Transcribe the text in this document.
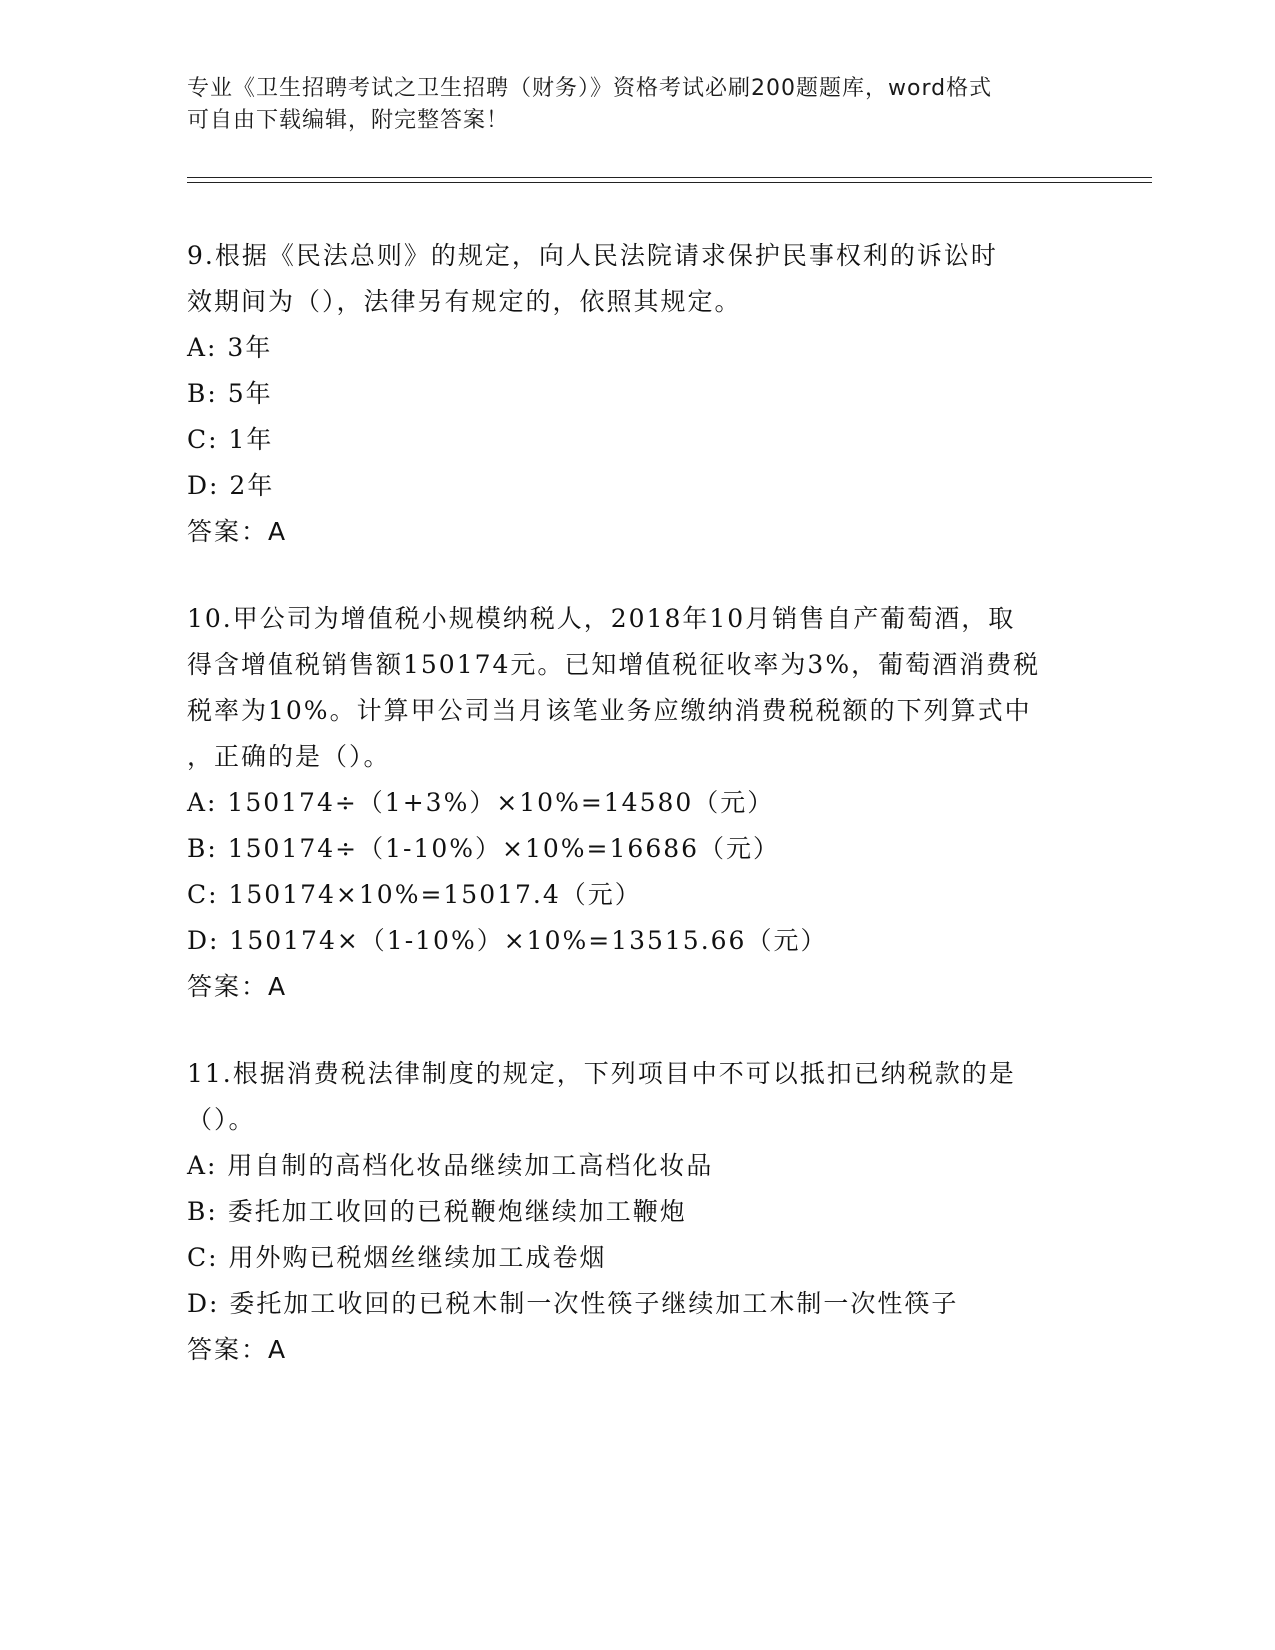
专业《卫生招聘考试之卫生招聘（财务）》资格考试必刷200题题库，word格式
可自由下载编辑，附完整答案！
9.根据《民法总则》的规定，向人民法院请求保护民事权利的诉讼时
效期间为（），法律另有规定的，依照其规定。
A: 3年
B: 5年
C: 1年
D: 2年
答案：A
10.甲公司为增值税小规模纳税人，2018年10月销售自产葡萄酒，取
得含增值税销售额150174元。已知增值税征收率为3%，葡萄酒消费税
税率为10%。计算甲公司当月该笔业务应缴纳消费税税额的下列算式中
，正确的是（）。
A: 150174÷（1+3%）×10%=14580（元）
B: 150174÷（1-10%）×10%=16686（元）
C: 150174×10%=15017.4（元）
D: 150174×（1-10%）×10%=13515.66（元）
答案：A
11.根据消费税法律制度的规定，下列项目中不可以抵扣已纳税款的是
（）。
A: 用自制的高档化妆品继续加工高档化妆品
B: 委托加工收回的已税鞭炮继续加工鞭炮
C: 用外购已税烟丝继续加工成卷烟
D: 委托加工收回的已税木制一次性筷子继续加工木制一次性筷子
答案：A
